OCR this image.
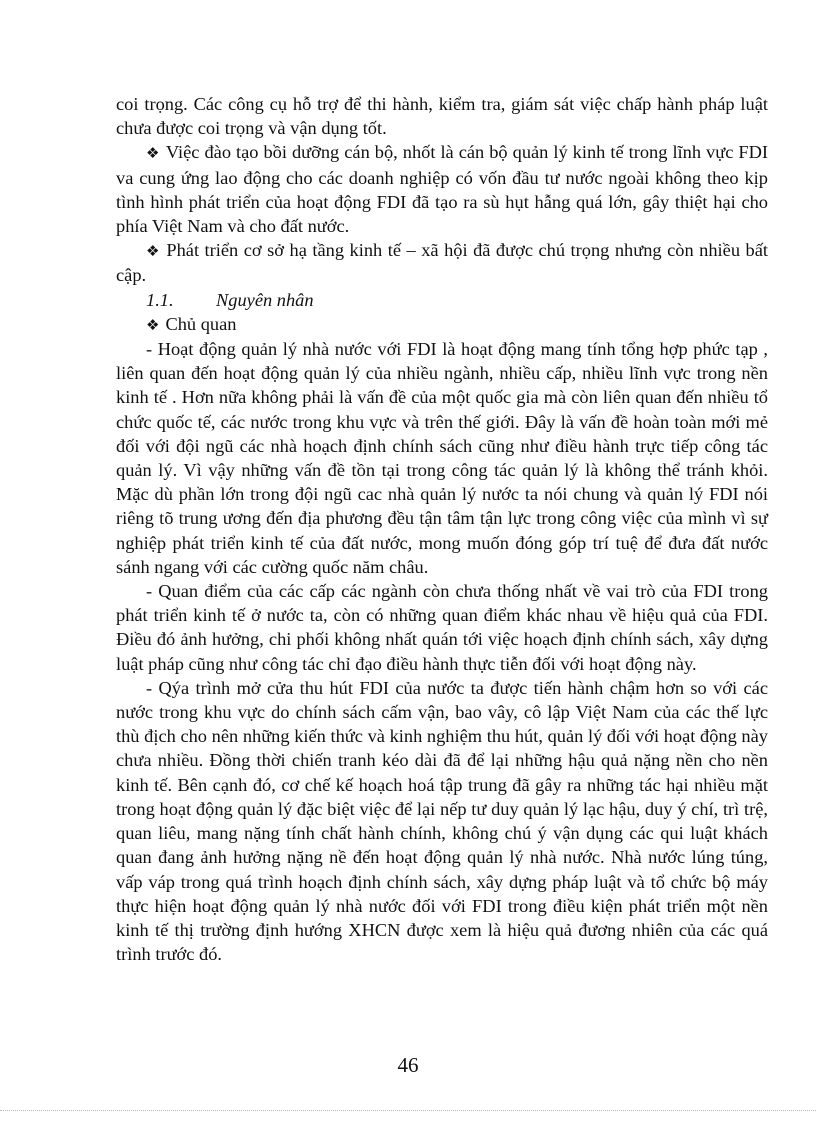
coi trọng. Các công cụ hỗ trợ để thi hành, kiểm tra, giám sát việc chấp hành pháp luật chưa được coi trọng và vận dụng tốt.

❖ Việc đào tạo bồi dưỡng cán bộ, nhốt là cán bộ quản lý kinh tế trong lĩnh vực FDI va cung ứng lao động cho các doanh nghiệp có vốn đầu tư nước ngoài không theo kịp tình hình phát triển của hoạt động FDI đã tạo ra sù hụt hẫng quá lớn, gây thiệt hại cho phía Việt Nam và cho đất nước.

❖ Phát triển cơ sở hạ tầng kinh tế – xã hội đã được chú trọng nhưng còn nhiều bất cập.

1.1. Nguyên nhân

❖ Chủ quan

- Hoạt động quản lý nhà nước với FDI là hoạt động mang tính tổng hợp phức tạp , liên quan đến hoạt động quản lý của nhiều ngành, nhiều cấp, nhiều lĩnh vực trong nền kinh tế . Hơn nữa không phải là vấn đề của một quốc gia mà còn liên quan đến nhiều tổ chức quốc tế, các nước trong khu vực và trên thế giới. Đây là vấn đề hoàn toàn mới mẻ đối với đội ngũ các nhà hoạch định chính sách cũng như điều hành trực tiếp công tác quản lý. Vì vậy những vấn đề tồn tại trong công tác quản lý là không thể tránh khỏi. Mặc dù phần lớn trong đội ngũ cac nhà quản lý nước ta nói chung và quản lý FDI nói riêng tõ trung ương đến địa phương đều tận tâm tận lực trong công việc của mình vì sự nghiệp phát triển kinh tế của đất nước, mong muốn đóng góp trí tuệ để đưa đất nước sánh ngang với các cường quốc năm châu.

- Quan điểm của các cấp các ngành còn chưa thống nhất về vai trò của FDI trong phát triển kinh tế ở nước ta, còn có những quan điểm khác nhau về hiệu quả của FDI. Điều đó ảnh hưởng, chi phối không nhất quán tới việc hoạch định chính sách, xây dựng luật pháp cũng như công tác chỉ đạo điều hành thực tiễn đối với hoạt động này.

- Qýa trình mở cửa thu hút FDI của nước ta được tiến hành chậm hơn so với các nước trong khu vực do chính sách cấm vận, bao vây, cô lập Việt Nam của các thế lực thù địch cho nên những kiến thức và kinh nghiệm thu hút, quản lý đối với hoạt động này chưa nhiều. Đồng thời chiến tranh kéo dài đã để lại những hậu quả nặng nền cho nền kinh tế. Bên cạnh đó, cơ chế kế hoạch hoá tập trung đã gây ra những tác hại nhiều mặt trong hoạt động quản lý đặc biệt việc để lại nếp tư duy quản lý lạc hậu, duy ý chí, trì trệ, quan liêu, mang nặng tính chất hành chính, không chú ý vận dụng các qui luật khách quan đang ảnh hưởng nặng nề đến hoạt động quản lý nhà nước. Nhà nước lúng túng, vấp váp trong quá trình hoạch định chính sách, xây dựng pháp luật và tổ chức bộ máy thực hiện hoạt động quản lý nhà nước đối với FDI trong điều kiện phát triển một nền kinh tế thị trường định hướng XHCN được xem là hiệu quả đương nhiên của các quá trình trước đó.

46
